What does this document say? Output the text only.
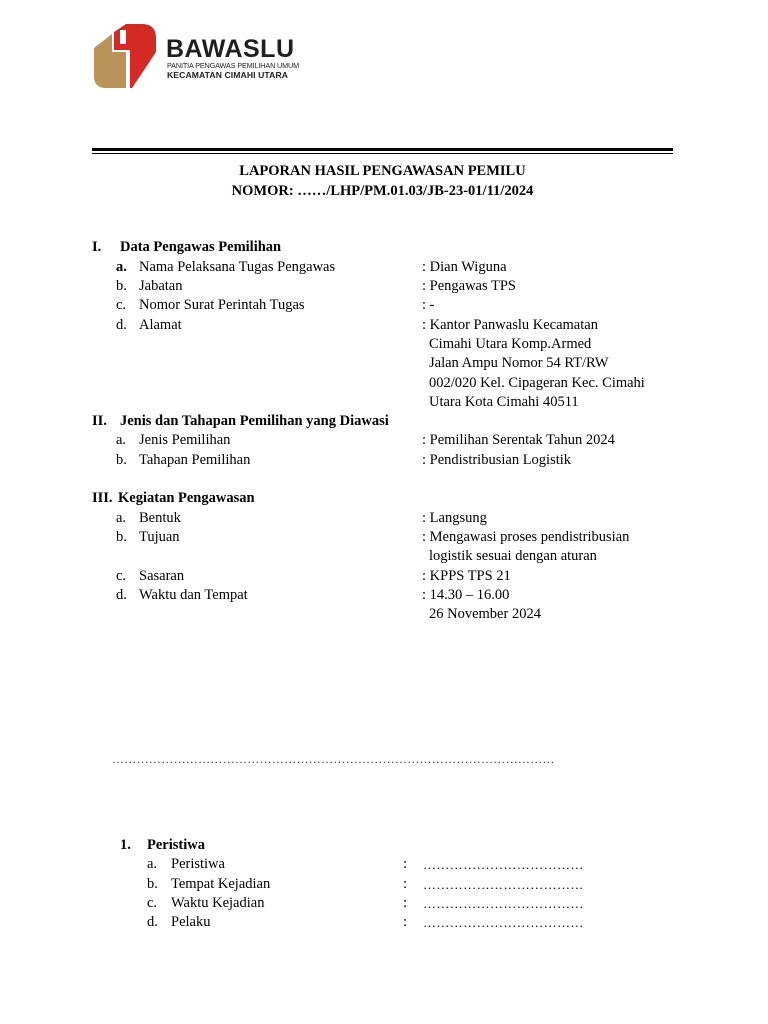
BAWASLU
PANITIA PENGAWAS PEMILIHAN UMUM
KECAMATAN CIMAHI UTARA
LAPORAN HASIL PENGAWASAN PEMILU
NOMOR: ……/LHP/PM.01.03/JB-23-01/11/2024
I. Data Pengawas Pemilihan
a. Nama Pelaksana Tugas Pengawas	: Dian Wiguna
b. Jabatan	: Pengawas TPS
c. Nomor Surat Perintah Tugas	: -
d. Alamat	: Kantor Panwaslu Kecamatan
Cimahi Utara Komp.Armed
Jalan Ampu Nomor 54 RT/RW
002/020 Kel. Cipageran Kec. Cimahi
Utara Kota Cimahi 40511
II. Jenis dan Tahapan Pemilihan yang Diawasi
a. Jenis Pemilihan	: Pemilihan Serentak Tahun 2024
b. Tahapan Pemilihan	: Pendistribusian Logistik
III. Kegiatan Pengawasan
a. Bentuk	: Langsung
b. Tujuan	: Mengawasi proses pendistribusian
logistik sesuai dengan aturan
c. Sasaran	: KPPS TPS 21
d. Waktu dan Tempat	: 14.30 – 16.00
26 November 2024
………………………………………………………………………………………………
1. Peristiwa
a. Peristiwa	: ………………………………
b. Tempat Kejadian	: ………………………………
c. Waktu Kejadian	: ………………………………
d. Pelaku	: ………………………………
